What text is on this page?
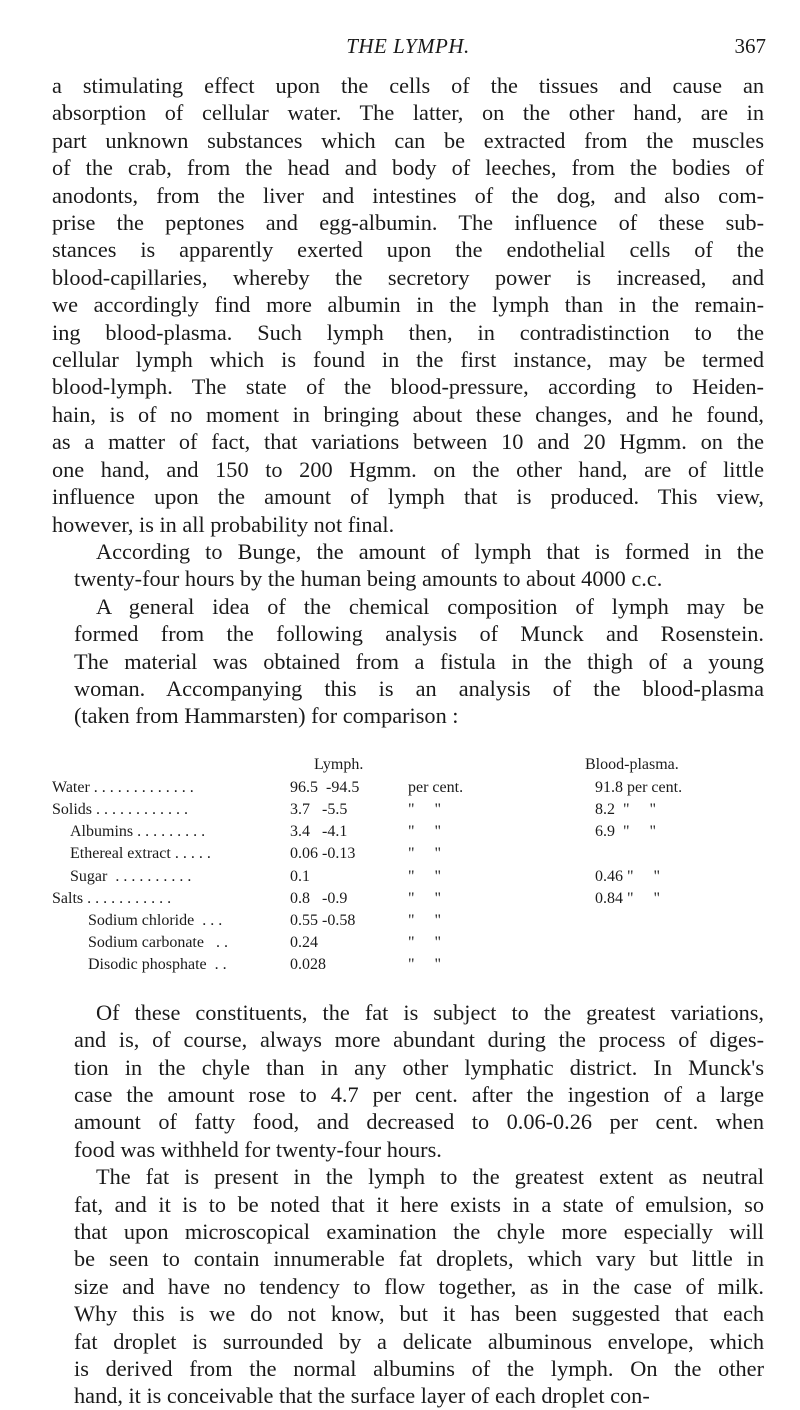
THE LYMPH.	367

a stimulating effect upon the cells of the tissues and cause an
absorption of cellular water. The latter, on the other hand, are in
part unknown substances which can be extracted from the muscles
of the crab, from the head and body of leeches, from the bodies of
anodonts, from the liver and intestines of the dog, and also com-
prise the peptones and egg-albumin. The influence of these sub-
stances is apparently exerted upon the endothelial cells of the
blood-capillaries, whereby the secretory power is increased, and
we accordingly find more albumin in the lymph than in the remain-
ing blood-plasma. Such lymph then, in contradistinction to the
cellular lymph which is found in the first instance, may be termed
blood-lymph. The state of the blood-pressure, according to Heiden-
hain, is of no moment in bringing about these changes, and he found,
as a matter of fact, that variations between 10 and 20 Hgmm. on the
one hand, and 150 to 200 Hgmm. on the other hand, are of little
influence upon the amount of lymph that is produced. This view,
however, is in all probability not final.

According to Bunge, the amount of lymph that is formed in the
twenty-four hours by the human being amounts to about 4000 c.c.

A general idea of the chemical composition of lymph may be
formed from the following analysis of Munck and Rosenstein.
The material was obtained from a fistula in the thigh of a young
woman. Accompanying this is an analysis of the blood-plasma
(taken from Hammarsten) for comparison :

Lymph.	Blood-plasma.
Water . . . . . . . . . . . . .	96.5  -94.5	per cent.	91.8 per cent.
Solids . . . . . . . . . . . .	3.7   -5.5	"     "	8.2  "     "
Albumins . . . . . . . . .	3.4   -4.1	"     "	6.9  "     "
Ethereal extract . . . . .	0.06 -0.13	"     "
Sugar  . . . . . . . . . .	0.1	"     "	0.46 "     "
Salts . . . . . . . . . . .	0.8   -0.9	"     "	0.84 "     "
Sodium chloride  . . .	0.55 -0.58	"     "
Sodium carbonate   . .	0.24	"     "
Disodic phosphate  . .	0.028	"     "

Of these constituents, the fat is subject to the greatest variations,
and is, of course, always more abundant during the process of diges-
tion in the chyle than in any other lymphatic district. In Munck's
case the amount rose to 4.7 per cent. after the ingestion of a large
amount of fatty food, and decreased to 0.06-0.26 per cent. when
food was withheld for twenty-four hours.

The fat is present in the lymph to the greatest extent as neutral
fat, and it is to be noted that it here exists in a state of emulsion, so
that upon microscopical examination the chyle more especially will
be seen to contain innumerable fat droplets, which vary but little in
size and have no tendency to flow together, as in the case of milk.
Why this is we do not know, but it has been suggested that each
fat droplet is surrounded by a delicate albuminous envelope, which
is derived from the normal albumins of the lymph. On the other
hand, it is conceivable that the surface layer of each droplet con-
